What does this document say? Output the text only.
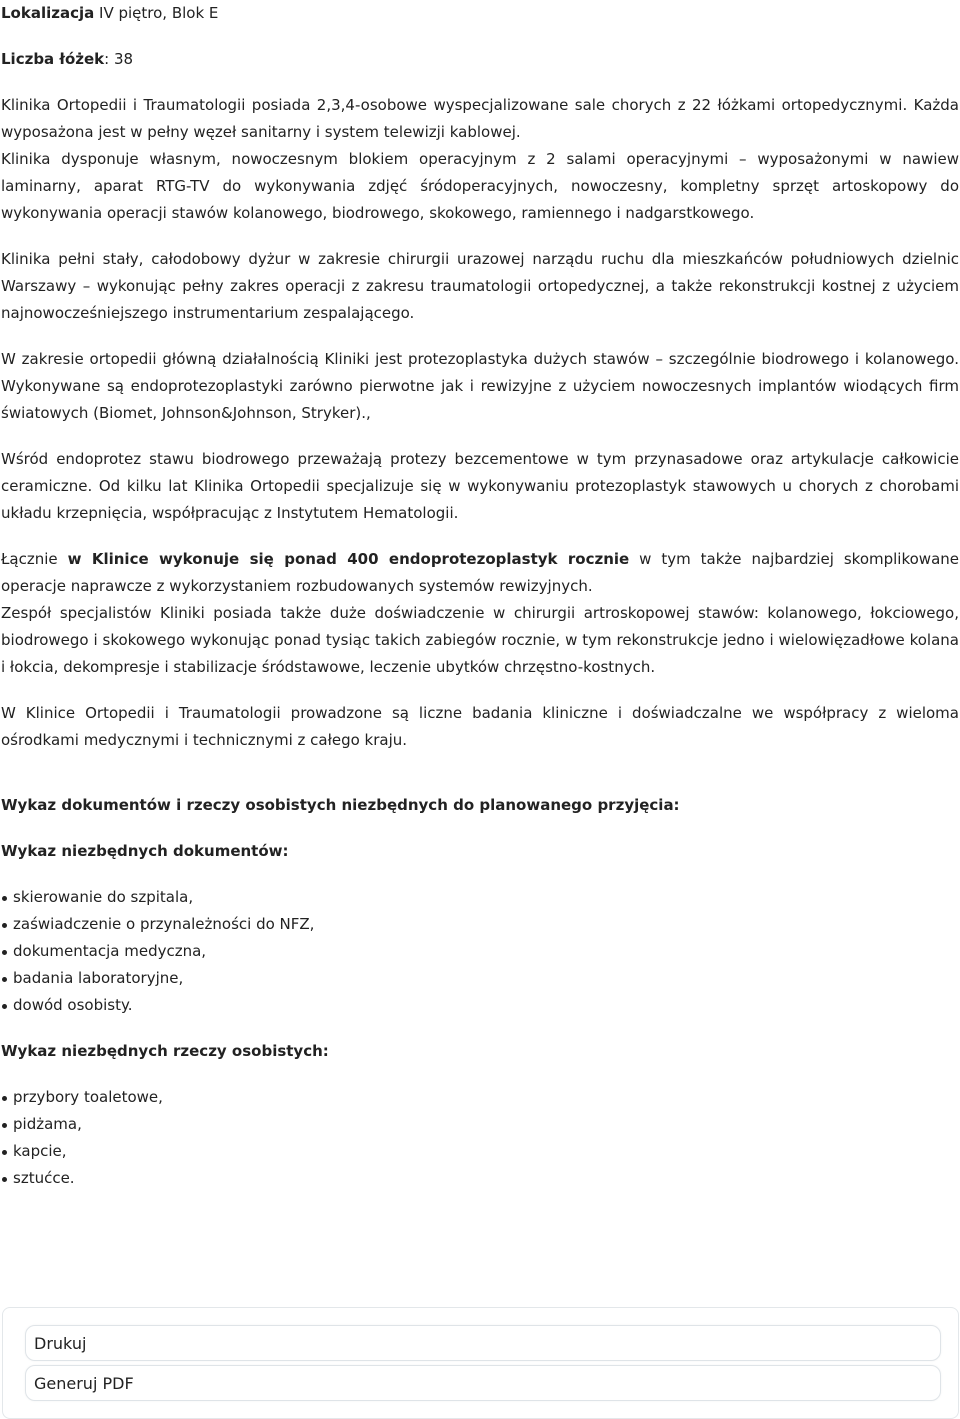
Lokalizacja IV piętro, Blok E

Liczba łóżek: 38

Klinika Ortopedii i Traumatologii posiada 2,3,4-osobowe wyspecjalizowane sale chorych z 22 łóżkami ortopedycznymi. Każda wyposażona jest w pełny węzeł sanitarny i system telewizji kablowej.

Klinika dysponuje własnym, nowoczesnym blokiem operacyjnym z 2 salami operacyjnymi – wyposażonymi w nawiew laminarny, aparat RTG-TV do wykonywania zdjęć śródoperacyjnych, nowoczesny, kompletny sprzęt artoskopowy do wykonywania operacji stawów kolanowego, biodrowego, skokowego, ramiennego i nadgarstkowego.

Klinika pełni stały, całodobowy dyżur w zakresie chirurgii urazowej narządu ruchu dla mieszkańców południowych dzielnic Warszawy – wykonując pełny zakres operacji z zakresu traumatologii ortopedycznej, a także rekonstrukcji kostnej z użyciem najnowocześniejszego instrumentarium zespalającego.

W zakresie ortopedii główną działalnością Kliniki jest protezoplastyka dużych stawów – szczególnie biodrowego i kolanowego. Wykonywane są endoprotezoplastyki zarówno pierwotne jak i rewizyjne z użyciem nowoczesnych implantów wiodących firm światowych (Biomet, Johnson&Johnson, Stryker).,

Wśród endoprotez stawu biodrowego przeważają protezy bezcementowe w tym przynasadowe oraz artykulacje całkowicie ceramiczne. Od kilku lat Klinika Ortopedii specjalizuje się w wykonywaniu protezoplastyk stawowych u chorych z chorobami układu krzepnięcia, współpracując z Instytutem Hematologii.

Łącznie w Klinice wykonuje się ponad 400 endoprotezoplastyk rocznie w tym także najbardziej skomplikowane operacje naprawcze z wykorzystaniem rozbudowanych systemów rewizyjnych.

Zespół specjalistów Kliniki posiada także duże doświadczenie w chirurgii artroskopowej stawów: kolanowego, łokciowego, biodrowego i skokowego wykonując ponad tysiąc takich zabiegów rocznie, w tym rekonstrukcje jedno i wielowięzadłowe kolana i łokcia, dekompresje i stabilizacje śródstawowe, leczenie ubytków chrzęstno-kostnych.

W Klinice Ortopedii i Traumatologii prowadzone są liczne badania kliniczne i doświadczalne we współpracy z wieloma ośrodkami medycznymi i technicznymi z całego kraju.

Wykaz dokumentów i rzeczy osobistych niezbędnych do planowanego przyjęcia:
Wykaz niezbędnych dokumentów:
skierowanie do szpitala,
zaświadczenie o przynależności do NFZ,
dokumentacja medyczna,
badania laboratoryjne,
dowód osobisty.
Wykaz niezbędnych rzeczy osobistych:
przybory toaletowe,
pidżama,
kapcie,
sztućce.
Drukuj
Generuj PDF
